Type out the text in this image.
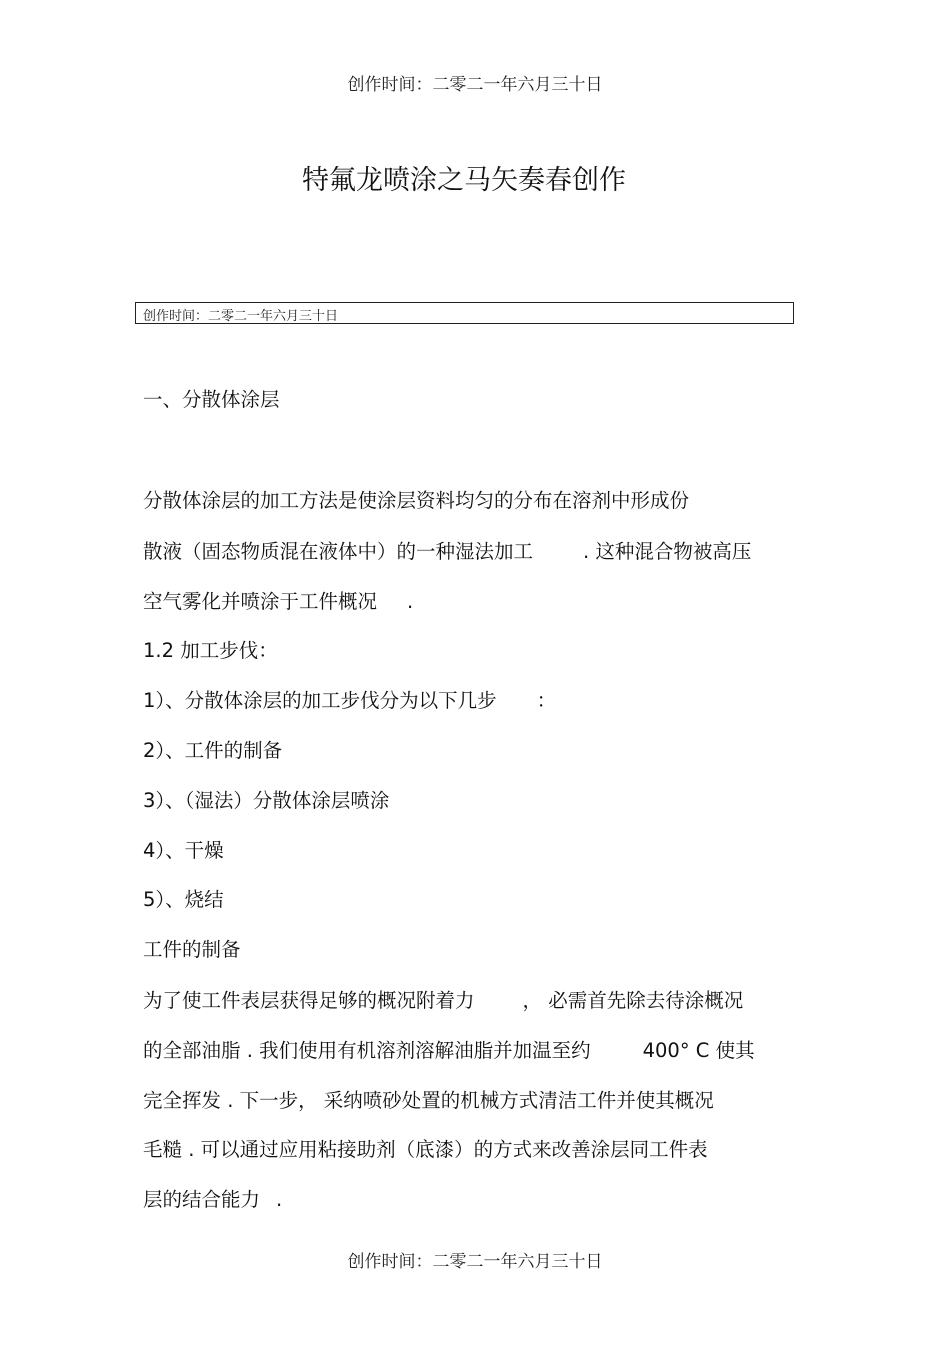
创作时间：二零二一年六月三十日
特氟龙喷涂之马矢奏春创作
创作时间：二零二一年六月三十日
一、分散体涂层
分散体涂层的加工方法是使涂层资料均匀的分布在溶剂中形成份
散液（固态物质混在液体中）的一种湿法加工	. 这种混合物被高压
空气雾化并喷涂于工件概况 .
1.2 加工步伐：
1）、分散体涂层的加工步伐分为以下几步 ：
2）、工件的制备
3）、（湿法）分散体涂层喷涂
4）、干燥
5）、烧结
工件的制备
为了使工件表层获得足够的概况附着力 ， 必需首先除去待涂概况
的全部油脂 . 我们使用有机溶剂溶解油脂并加温至约	400° C 使其
完全挥发 . 下一步， 采纳喷砂处置的机械方式清洁工件并使其概况
毛糙 . 可以通过应用粘接助剂（底漆）的方式来改善涂层同工件表
层的结合能力 .
创作时间：二零二一年六月三十日
